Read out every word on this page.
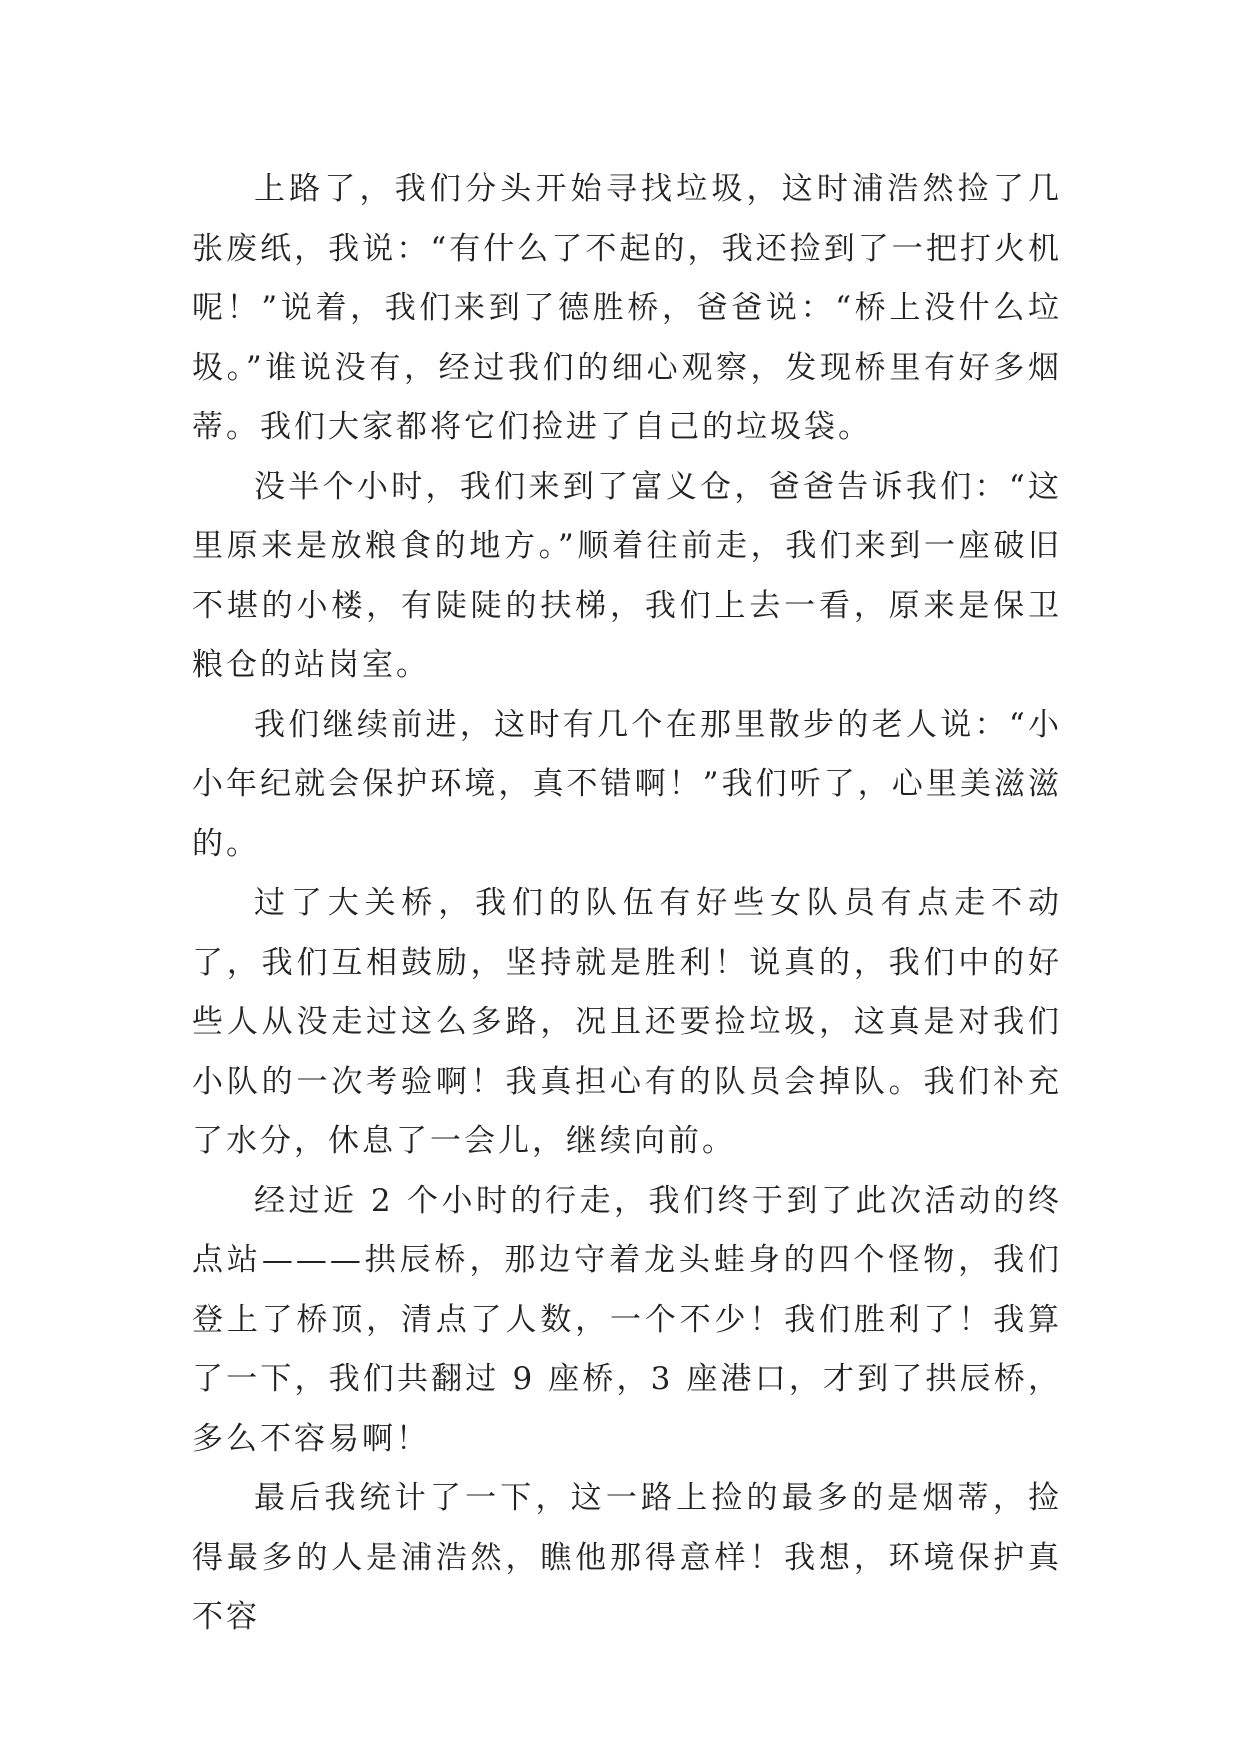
上路了，我们分头开始寻找垃圾，这时浦浩然捡了几张废纸，我说：“有什么了不起的，我还捡到了一把打火机呢！”说着，我们来到了德胜桥，爸爸说：“桥上没什么垃圾。”谁说没有，经过我们的细心观察，发现桥里有好多烟蒂。我们大家都将它们捡进了自己的垃圾袋。

没半个小时，我们来到了富义仓，爸爸告诉我们：“这里原来是放粮食的地方。”顺着往前走，我们来到一座破旧不堪的小楼，有陡陡的扶梯，我们上去一看，原来是保卫粮仓的站岗室。

我们继续前进，这时有几个在那里散步的老人说：“小小年纪就会保护环境，真不错啊！”我们听了，心里美滋滋的。

过了大关桥，我们的队伍有好些女队员有点走不动了，我们互相鼓励，坚持就是胜利！说真的，我们中的好些人从没走过这么多路，况且还要捡垃圾，这真是对我们小队的一次考验啊！我真担心有的队员会掉队。我们补充了水分，休息了一会儿，继续向前。

经过近 2 个小时的行走，我们终于到了此次活动的终点站———拱辰桥，那边守着龙头蛙身的四个怪物，我们登上了桥顶，清点了人数，一个不少！我们胜利了！我算了一下，我们共翻过 9 座桥，3 座港口，才到了拱辰桥，多么不容易啊！

最后我统计了一下，这一路上捡的最多的是烟蒂，捡得最多的人是浦浩然，瞧他那得意样！我想，环境保护真不容
